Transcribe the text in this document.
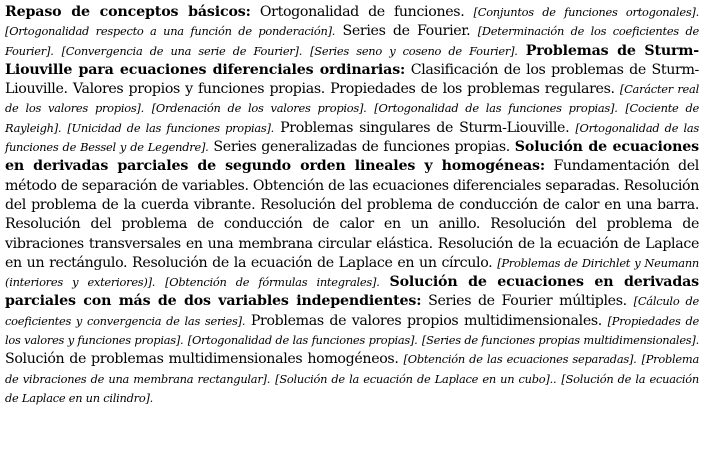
Repaso de conceptos básicos: Ortogonalidad de funciones. [Conjuntos de funciones ortogonales]. [Ortogonalidad respecto a una función de ponderación]. Series de Fourier. [Determinación de los coeficientes de Fourier]. [Convergencia de una serie de Fourier]. [Series seno y coseno de Fourier]. Problemas de Sturm-Liouville para ecuaciones diferenciales ordinarias: Clasificación de los problemas de Sturm-Liouville. Valores propios y funciones propias. Propiedades de los problemas regulares. [Carácter real de los valores propios]. [Ordenación de los valores propios]. [Ortogonalidad de las funciones propias]. [Cociente de Rayleigh]. [Unicidad de las funciones propias]. Problemas singulares de Sturm-Liouville. [Ortogonalidad de las funciones de Bessel y de Legendre]. Series generalizadas de funciones propias. Solución de ecuaciones en derivadas parciales de segundo orden lineales y homogéneas: Fundamentación del método de separación de variables. Obtención de las ecuaciones diferenciales separadas. Resolución del problema de la cuerda vibrante. Resolución del problema de conducción de calor en una barra. Resolución del problema de conducción de calor en un anillo. Resolución del problema de vibraciones transversales en una membrana circular elástica. Resolución de la ecuación de Laplace en un rectángulo. Resolución de la ecuación de Laplace en un círculo. [Problemas de Dirichlet y Neumann (interiores y exteriores)]. [Obtención de fórmulas integrales]. Solución de ecuaciones en derivadas parciales con más de dos variables independientes: Series de Fourier múltiples. [Cálculo de coeficientes y convergencia de las series]. Problemas de valores propios multidimensionales. [Propiedades de los valores y funciones propias]. [Ortogonalidad de las funciones propias]. [Series de funciones propias multidimensionales]. Solución de problemas multidimensionales homogéneos. [Obtención de las ecuaciones separadas]. [Problema de vibraciones de una membrana rectangular]. [Solución de la ecuación de Laplace en un cubo].. [Solución de la ecuación de Laplace en un cilindro].
